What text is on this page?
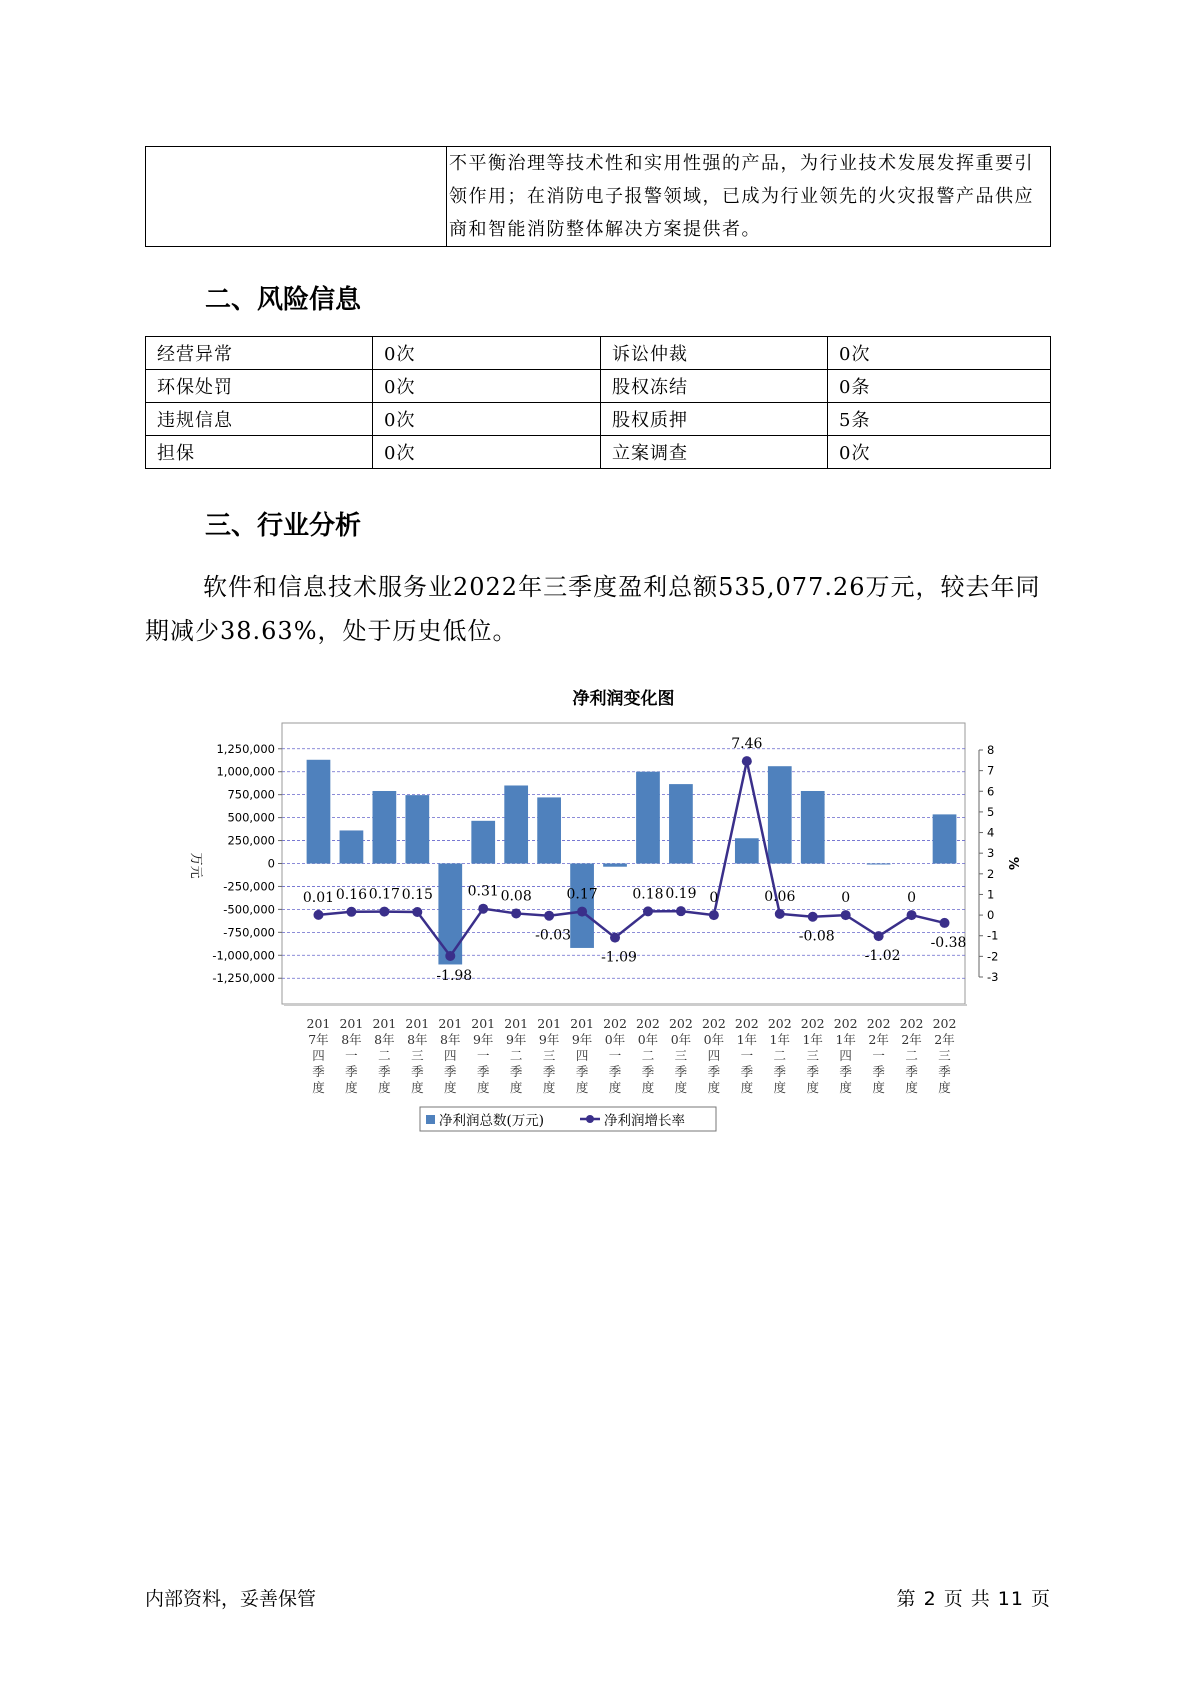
不平衡治理等技术性和实用性强的产品，为行业技术发展发挥重要引
领作用；在消防电子报警领域，已成为行业领先的火灾报警产品供应
商和智能消防整体解决方案提供者。
二、风险信息
经营异常	0次	诉讼仲裁	0次
环保处罚	0次	股权冻结	0条
违规信息	0次	股权质押	5条
担保	0次	立案调查	0次
三、行业分析

软件和信息技术服务业2022年三季度盈利总额535,077.26万元，较去年同期减少38.63%，处于历史低位。

净利润变化图
1,250,000
1,000,000
750,000
500,000
250,000
0
-250,000
-500,000
-750,000
-1,000,000
-1,250,000
8
7
6
5
4
3
2
1
0
-1
-2
-3
万元	%
0.01 0.16 0.17 0.15
-1.98
0.31 0.08
-0.03
0.17
-1.09
0.18 0.19 0
7.46
0.06
-0.08
0
-1.02
0
-0.38
201
7年
四
季
度
201
8年
一
季
度
201
8年
二
季
度
201
8年
三
季
度
201
8年
四
季
度
201
9年
一
季
度
201
9年
二
季
度
201
9年
三
季
度
201
9年
四
季
度
202
0年
一
季
度
202
0年
二
季
度
202
0年
三
季
度
202
0年
四
季
度
202
1年
一
季
度
202
1年
二
季
度
202
1年
三
季
度
202
1年
四
季
度
202
2年
一
季
度
202
2年
二
季
度
202
2年
三
季
度
净利润总数(万元)	净利润增长率
内部资料，妥善保管	第 2 页 共 11 页
